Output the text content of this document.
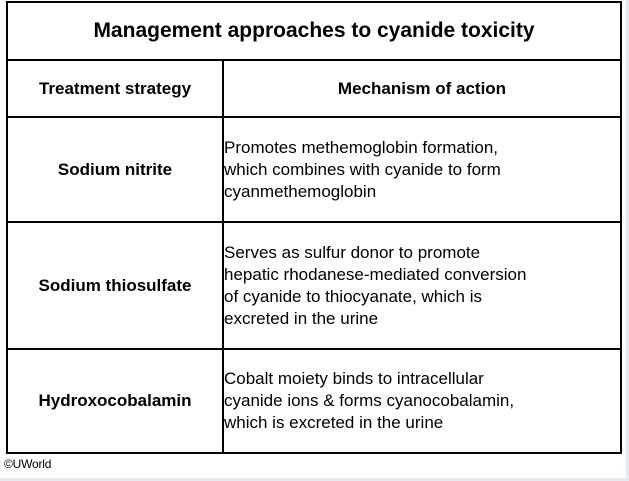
Management approaches to cyanide toxicity	
Treatment strategy	Mechanism of action
Sodium nitrite	Promotes methemoglobin formation,
which combines with cyanide to form
cyanmethemoglobin

Sodium thiosulfate	Serves as sulfur donor to promote
hepatic rhodanese-mediated conversion
of cyanide to thiocyanate, which is
excreted in the urine

Hydroxocobalamin	Cobalt moiety binds to intracellular
cyanide ions & forms cyanocobalamin,
which is excreted in the urine
©UWorld
